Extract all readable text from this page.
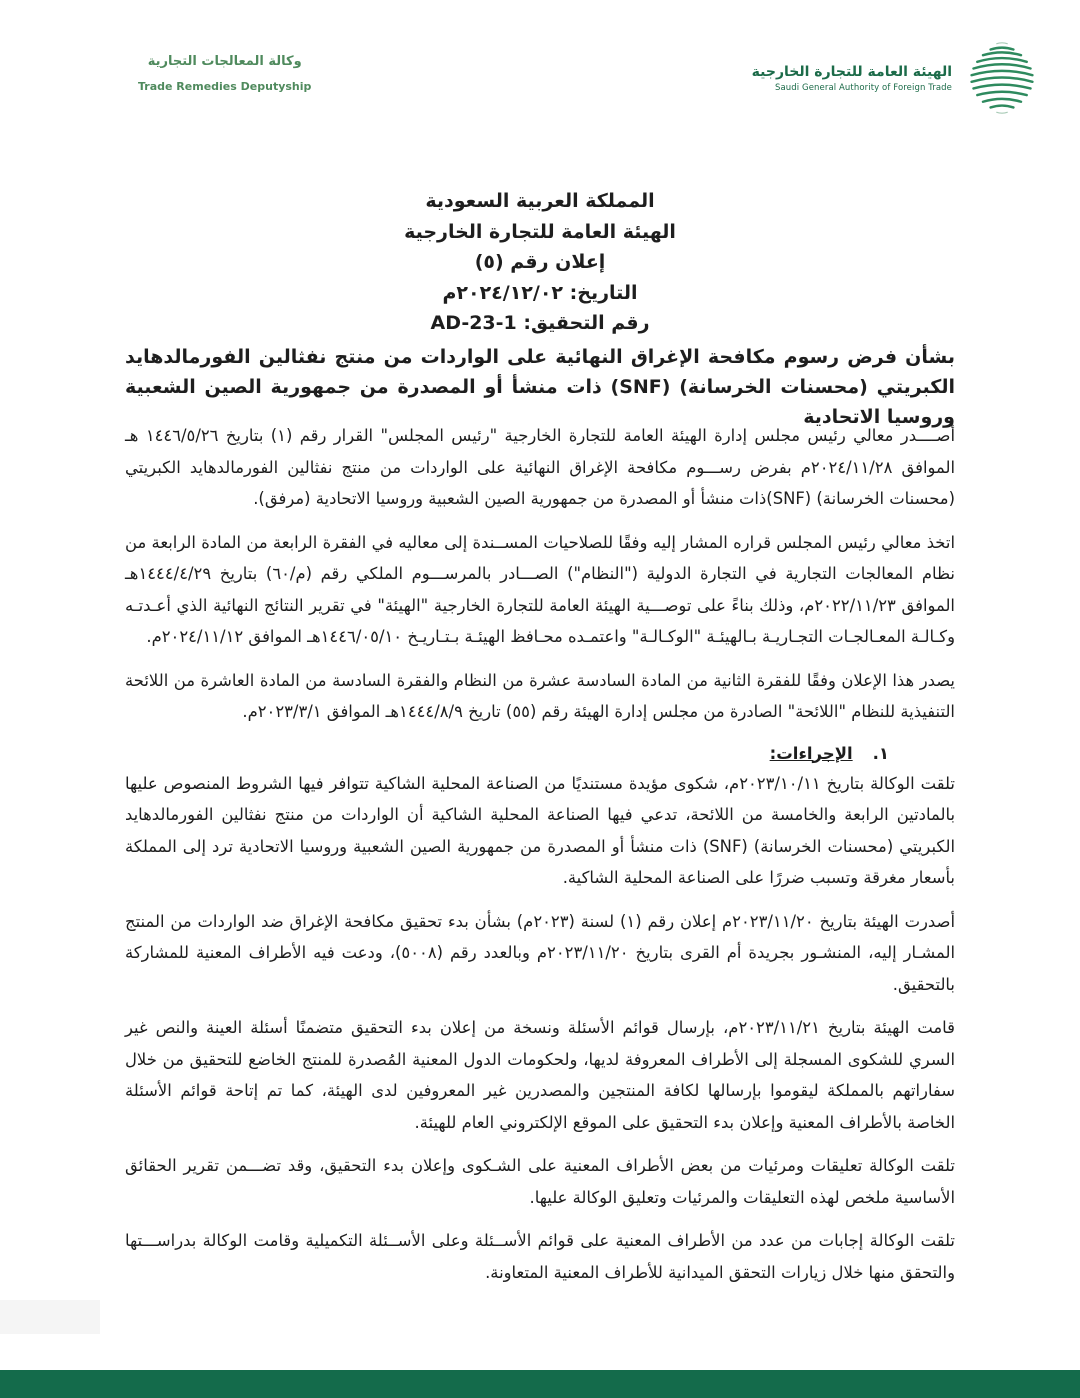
الهيئة العامة للتجارة الخارجية
Saudi General Authority of Foreign Trade
وكالة المعالجات التجارية
Trade Remedies Deputyship
المملكة العربية السعودية
الهيئة العامة للتجارة الخارجية
إعلان رقم (٥)
التاريخ: ٢٠٢٤/١٢/٠٢م
رقم التحقيق: AD-23-1
بشأن فرض رسوم مكافحة الإغراق النهائية على الواردات من منتج نفثالين الفورمالدهايد الكبريتي (محسنات الخرسانة) (SNF) ذات منشأ أو المصدرة من جمهورية الصين الشعبية وروسيا الاتحادية

أصــــدر معالي رئيس مجلس إدارة الهيئة العامة للتجارة الخارجية "رئيس المجلس" القرار رقم (١) بتاريخ ١٤٤٦/٥/٢٦ هـ الموافق ٢٠٢٤/١١/٢٨م بفرض رســـوم مكافحة الإغراق النهائية على الواردات من منتج نفثالين الفورمالدهايد الكبريتي (محسنات الخرسانة) (SNF)ذات منشأ أو المصدرة من جمهورية الصين الشعبية وروسيا الاتحادية (مرفق).

اتخذ معالي رئيس المجلس قراره المشار إليه وفقًا للصلاحيات المســندة إلى معاليه في الفقرة الرابعة من المادة الرابعة من نظام المعالجات التجارية في التجارة الدولية ("النظام") الصـــادر بالمرســـوم الملكي رقم (م/٦٠) بتاريخ ١٤٤٤/٤/٢٩هـ الموافق ٢٠٢٢/١١/٢٣م، وذلك بناءً على توصـــية الهيئة العامة للتجارة الخارجية "الهيئة" في تقرير النتائج النهائية الذي أعـدتـه وكـالـة المعـالجـات التجـاريـة بـالهيئـة "الوكـالـة" واعتمـده محـافظ الهيئـة بـتـاريـخ ١٤٤٦/٠٥/١٠هـ الموافق ٢٠٢٤/١١/١٢م.

يصدر هذا الإعلان وفقًا للفقرة الثانية من المادة السادسة عشرة من النظام والفقرة السادسة من المادة العاشرة من اللائحة التنفيذية للنظام "اللائحة" الصادرة من مجلس إدارة الهيئة رقم (٥٥) تاريخ ١٤٤٤/٨/٩هـ الموافق ٢٠٢٣/٣/١م.

١.الإجراءات:

تلقت الوكالة بتاريخ ٢٠٢٣/١٠/١١م، شكوى مؤيدة مستنديًا من الصناعة المحلية الشاكية تتوافر فيها الشروط المنصوص عليها بالمادتين الرابعة والخامسة من اللائحة، تدعي فيها الصناعة المحلية الشاكية أن الواردات من منتج نفثالين الفورمالدهايد الكبريتي (محسنات الخرسانة) (SNF) ذات منشأ أو المصدرة من جمهورية الصين الشعبية وروسيا الاتحادية ترد إلى المملكة بأسعار مغرقة وتسبب ضررًا على الصناعة المحلية الشاكية.

أصدرت الهيئة بتاريخ ٢٠٢٣/١١/٢٠م إعلان رقم (١) لسنة (٢٠٢٣م) بشأن بدء تحقيق مكافحة الإغراق ضد الواردات من المنتج المشـار إليه، المنشـور بجريدة أم القرى بتاريخ ٢٠٢٣/١١/٢٠م وبالعدد رقم (٥٠٠٨)، ودعت فيه الأطراف المعنية للمشاركة بالتحقيق.

قامت الهيئة بتاريخ ٢٠٢٣/١١/٢١م، بإرسال قوائم الأسئلة ونسخة من إعلان بدء التحقيق متضمنًا أسئلة العينة والنص غير السري للشكوى المسجلة إلى الأطراف المعروفة لديها، ولحكومات الدول المعنية المُصدرة للمنتج الخاضع للتحقيق من خلال سفاراتهم بالمملكة ليقوموا بإرسالها لكافة المنتجين والمصدرين غير المعروفين لدى الهيئة، كما تم إتاحة قوائم الأسئلة الخاصة بالأطراف المعنية وإعلان بدء التحقيق على الموقع الإلكتروني العام للهيئة.

تلقت الوكالة تعليقات ومرئيات من بعض الأطراف المعنية على الشـكوى وإعلان بدء التحقيق، وقد تضـــمن تقرير الحقائق الأساسية ملخص لهذه التعليقات والمرئيات وتعليق الوكالة عليها.

تلقت الوكالة إجابات من عدد من الأطراف المعنية على قوائم الأســئلة وعلى الأســئلة التكميلية وقامت الوكالة بدراســـتها والتحقق منها خلال زيارات التحقق الميدانية للأطراف المعنية المتعاونة.
